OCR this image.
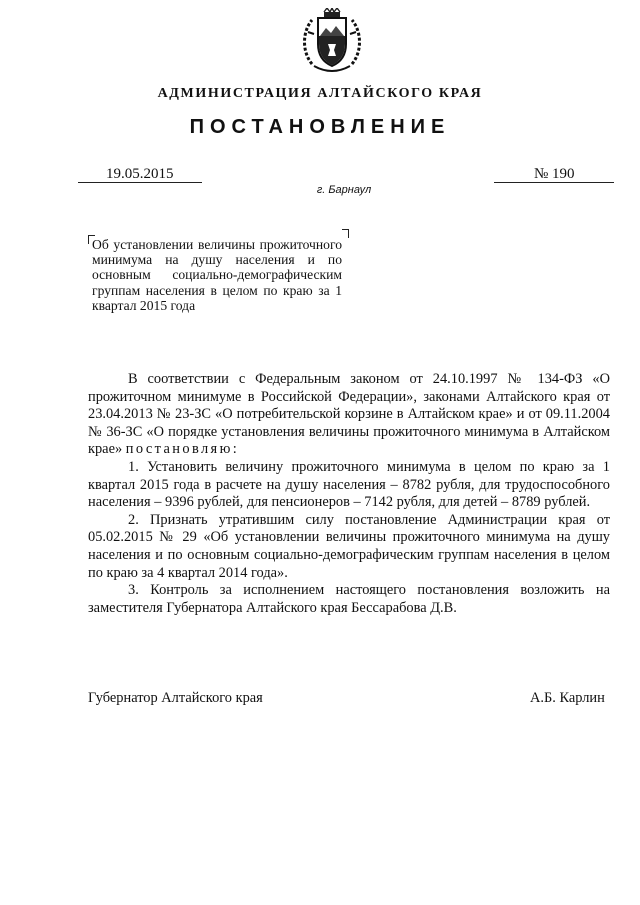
АДМИНИСТРАЦИЯ АЛТАЙСКОГО КРАЯ
ПОСТАНОВЛЕНИЕ
19.05.2015	№ 190
г. Барнаул
Об установлении величины прожиточного минимума на душу населения и по основным социально-демографическим группам населения в целом по краю за 1 квартал 2015 года

В соответствии с Федеральным законом от 24.10.1997 № 134-ФЗ «О прожиточном минимуме в Российской Федерации», законами Алтайского края от 23.04.2013 № 23-ЗС «О потребительской корзине в Алтайском крае» и от 09.11.2004 № 36-ЗС «О порядке установления величины прожиточного минимума в Алтайском крае» постановляю:

1. Установить величину прожиточного минимума в целом по краю за 1 квартал 2015 года в расчете на душу населения – 8782 рубля, для трудоспособного населения – 9396 рублей, для пенсионеров – 7142 рубля, для детей – 8789 рублей.

2. Признать утратившим силу постановление Администрации края от 05.02.2015 № 29 «Об установлении величины прожиточного минимума на душу населения и по основным социально-демографическим группам населения в целом по краю за 4 квартал 2014 года».

3. Контроль за исполнением настоящего постановления возложить на заместителя Губернатора Алтайского края Бессарабова Д.В.

Губернатор Алтайского края	А.Б. Карлин
